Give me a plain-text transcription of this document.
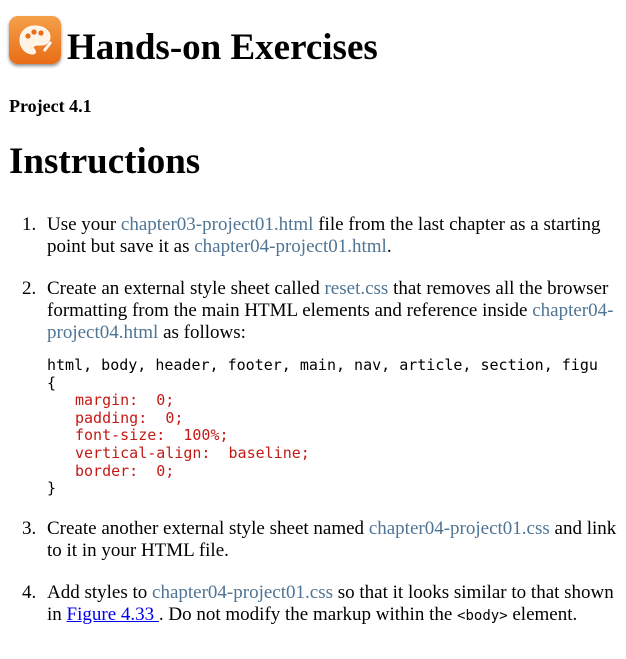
Hands-on Exercises
Project 4.1
Instructions
1. Use your chapter03-project01.html file from the last chapter as a starting point but save it as chapter04-project01.html.
2. Create an external style sheet called reset.css that removes all the browser formatting from the main HTML elements and reference inside chapter04-project04.html as follows:
html, body, header, footer, main, nav, article, section, figu
{

margin: 0;
padding: 0;
font-size: 100%;
vertical-align: baseline;
border: 0;
}
3. Create another external style sheet named chapter04-project01.css and link to it in your HTML file.
4. Add styles to chapter04-project01.css so that it looks similar to that shown in Figure 4.33 . Do not modify the markup within the <body> element.
